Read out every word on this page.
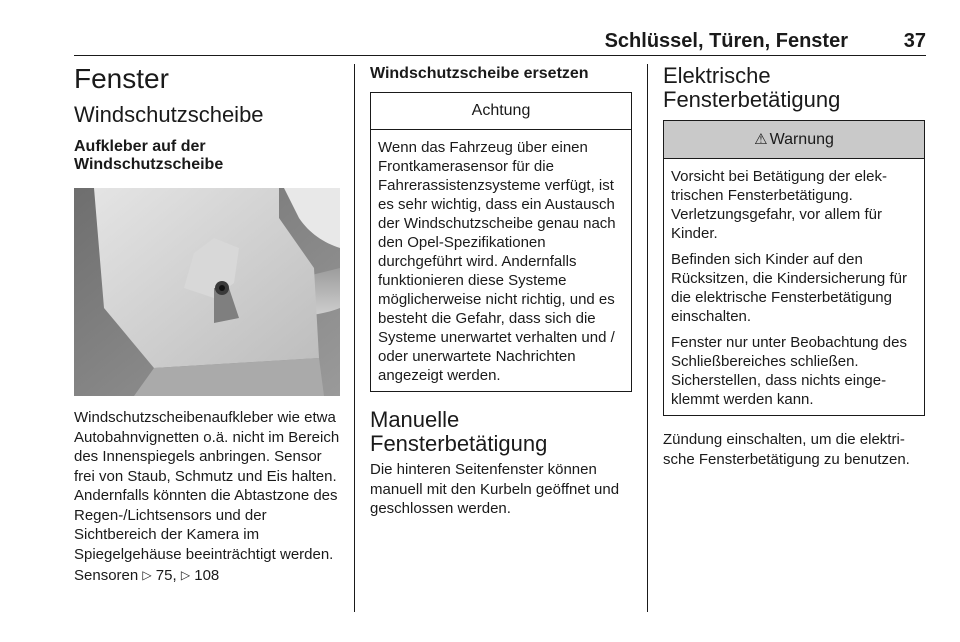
Schlüssel, Türen, Fenster	37
Fenster
Windschutzscheibe
Aufkleber auf der Windschutzscheibe

Windschutzscheibenaufkleber wie etwa Autobahnvignetten o.ä. nicht im Bereich des Innenspiegels anbringen. Sensor frei von Staub, Schmutz und Eis halten. Andernfalls könnten die Abtastzone des Regen-/Lichtsensors und der Sichtbereich der Kamera im Spiegelgehäuse beeinträchtigt werden.

Sensoren ▷ 75, ▷ 108

Windschutzscheibe ersetzen
Achtung
Wenn das Fahrzeug über einen Frontkamerasensor für die Fahrerassistenzsysteme verfügt, ist es sehr wichtig, dass ein Austausch der Windschutzscheibe genau nach den Opel-Spezifikationen durchgeführt wird. Andernfalls funktionieren diese Systeme möglicherweise nicht richtig, und es besteht die Gefahr, dass sich die Systeme unerwartet verhalten und / oder unerwartete Nachrichten angezeigt werden.
Manuelle Fensterbetätigung

Die hinteren Seitenfenster können manuell mit den Kurbeln geöffnet und geschlossen werden.

Elektrische Fensterbetätigung
⚠ Warnung
Vorsicht bei Betätigung der elektrischen Fensterbetätigung. Verletzungsgefahr, vor allem für Kinder.
Befinden sich Kinder auf den Rücksitzen, die Kindersicherung für die elektrische Fensterbetätigung einschalten.
Fenster nur unter Beobachtung des Schließbereiches schließen. Sicherstellen, dass nichts eingeklemmt werden kann.

Zündung einschalten, um die elektrische Fensterbetätigung zu benutzen.
